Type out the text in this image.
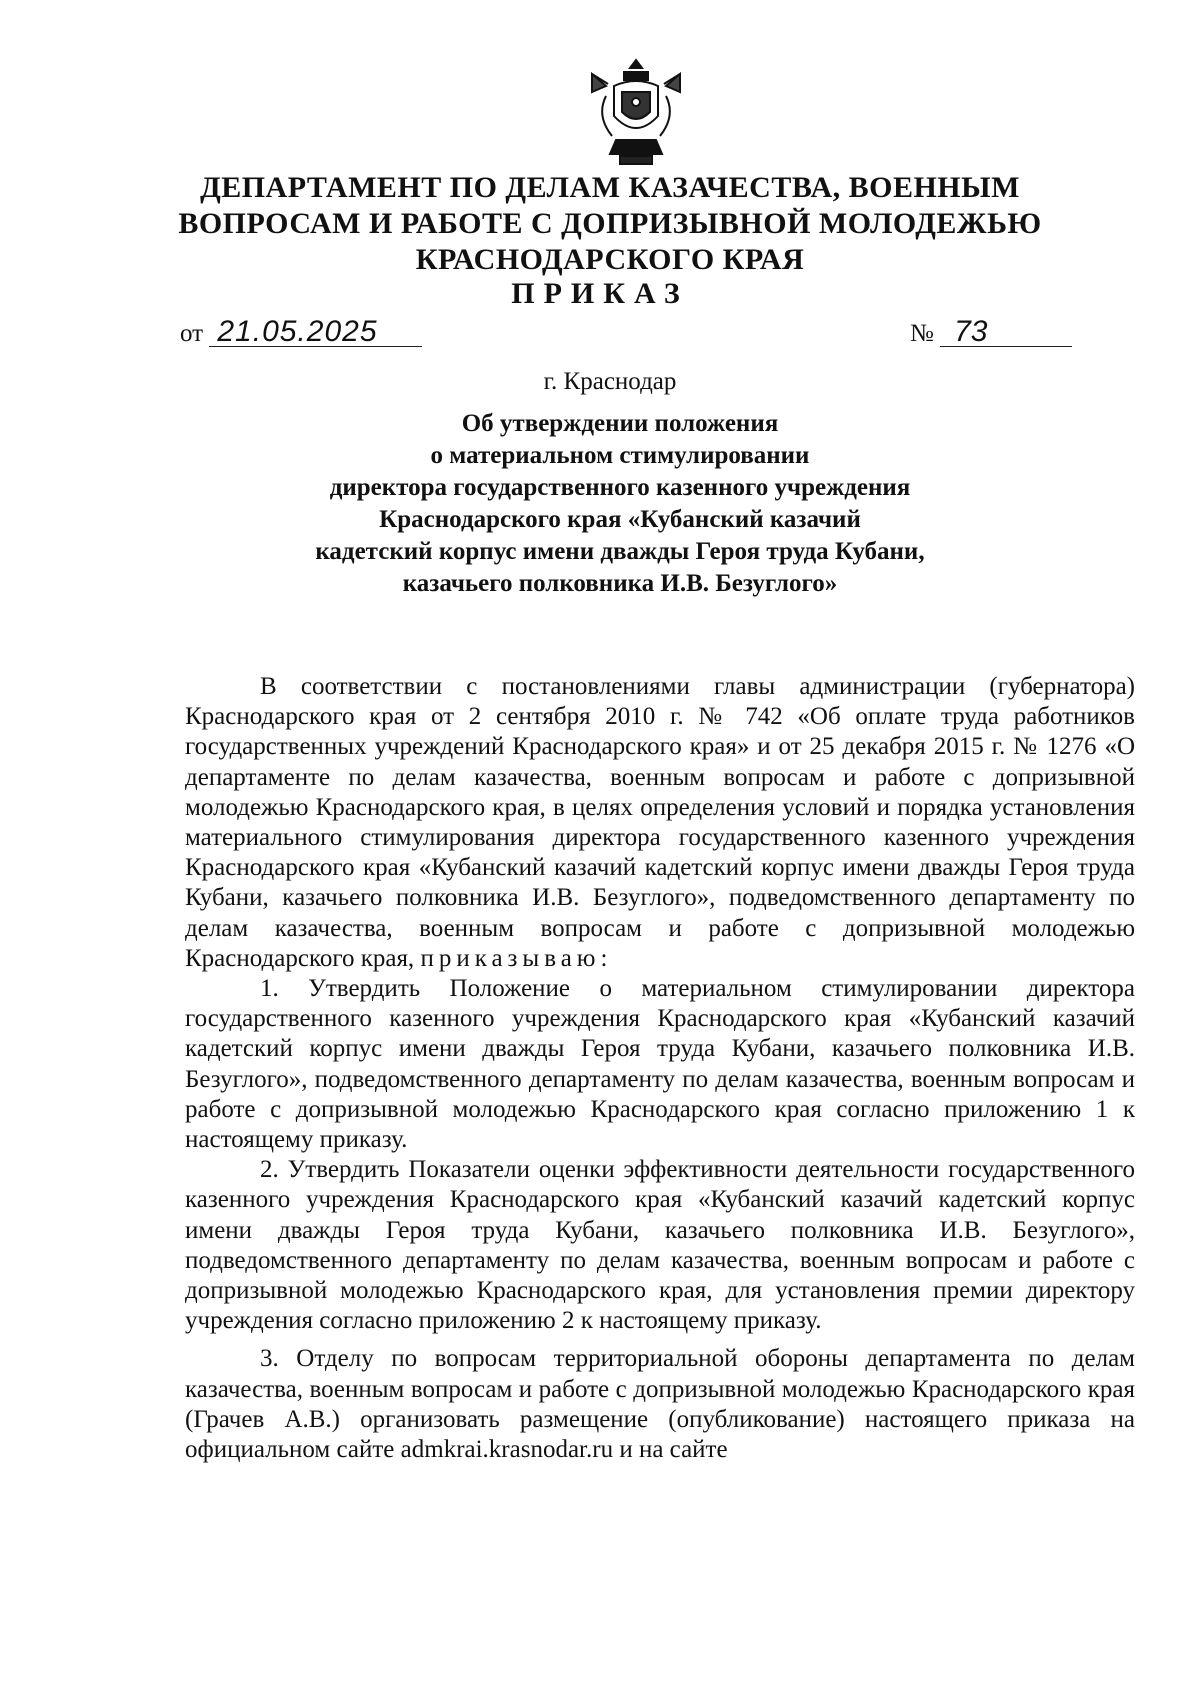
ДЕПАРТАМЕНТ ПО ДЕЛАМ КАЗАЧЕСТВА, ВОЕННЫМ
ВОПРОСАМ И РАБОТЕ С ДОПРИЗЫВНОЙ МОЛОДЕЖЬЮ
КРАСНОДАРСКОГО КРАЯ
ПРИКАЗ
от 21.05.2025	№ 73
г. Краснодар
Об утверждении положения
о материальном стимулировании
директора государственного казенного учреждения
Краснодарского края «Кубанский казачий
кадетский корпус имени дважды Героя труда Кубани,
казачьего полковника И.В. Безуглого»

В соответствии с постановлениями главы администрации (губернатора) Краснодарского края от 2 сентября 2010 г. № 742 «Об оплате труда работников государственных учреждений Краснодарского края» и от 25 декабря 2015 г. № 1276 «О департаменте по делам казачества, военным вопросам и работе с допризывной молодежью Краснодарского края, в целях определения условий и порядка установления материального стимулирования директора государственного казенного учреждения Краснодарского края «Кубанский казачий кадетский корпус имени дважды Героя труда Кубани, казачьего полковника И.В. Безуглого», подведомственного департаменту по делам казачества, военным вопросам и работе с допризывной молодежью Краснодарского края, приказываю:

1. Утвердить Положение о материальном стимулировании директора государственного казенного учреждения Краснодарского края «Кубанский казачий кадетский корпус имени дважды Героя труда Кубани, казачьего полковника И.В. Безуглого», подведомственного департаменту по делам казачества, военным вопросам и работе с допризывной молодежью Краснодарского края согласно приложению 1 к настоящему приказу.

2. Утвердить Показатели оценки эффективности деятельности государственного казенного учреждения Краснодарского края «Кубанский казачий кадетский корпус имени дважды Героя труда Кубани, казачьего полковника И.В. Безуглого», подведомственного департаменту по делам казачества, военным вопросам и работе с допризывной молодежью Краснодарского края, для установления премии директору учреждения согласно приложению 2 к настоящему приказу.

3. Отделу по вопросам территориальной обороны департамента по делам казачества, военным вопросам и работе с допризывной молодежью Краснодарского края (Грачев А.В.) организовать размещение (опубликование) настоящего приказа на официальном сайте admkrai.krasnodar.ru и на сайте
